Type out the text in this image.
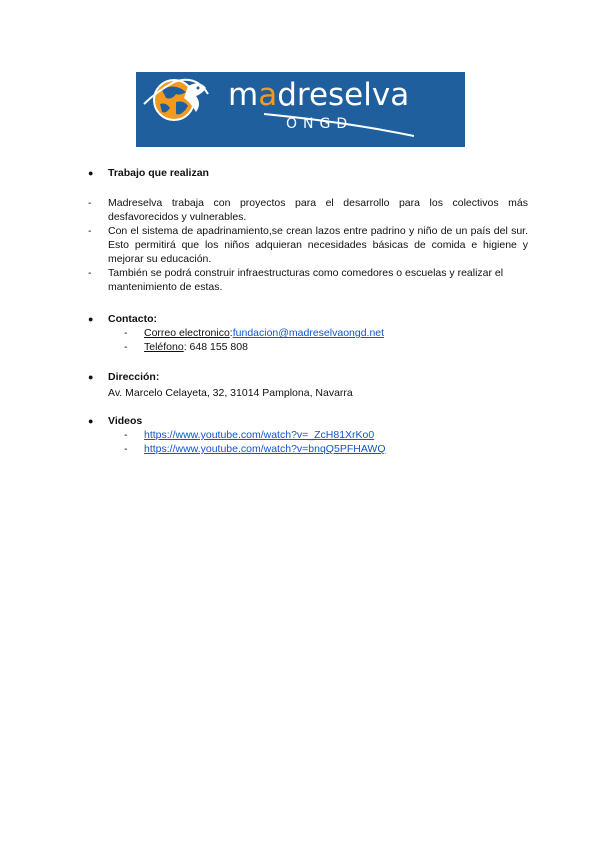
madreselva
ONGD
●	Trabajo que realizan
-	Madreselva trabaja con proyectos para el desarrollo para los colectivos más desfavorecidos y vulnerables.
-	Con el sistema de apadrinamiento,se crean lazos entre padrino y niño de un país del sur. Esto permitirá que los niños adquieran necesidades básicas de comida e higiene y mejorar su educación.
-	También se podrá construir infraestructuras como comedores o escuelas y realizar el mantenimiento de estas.
●	Contacto:
-	Correo electronico : fundacion@madreselvaongd.net
-	Teléfono : 648 155 808
●	Dirección:
Av. Marcelo Celayeta, 32, 31014 Pamplona, Navarra
●	Videos
-	https://www.youtube.com/watch?v=_ZcH81XrKo0
-	https://www.youtube.com/watch?v=bnqQ5PFHAWQ
